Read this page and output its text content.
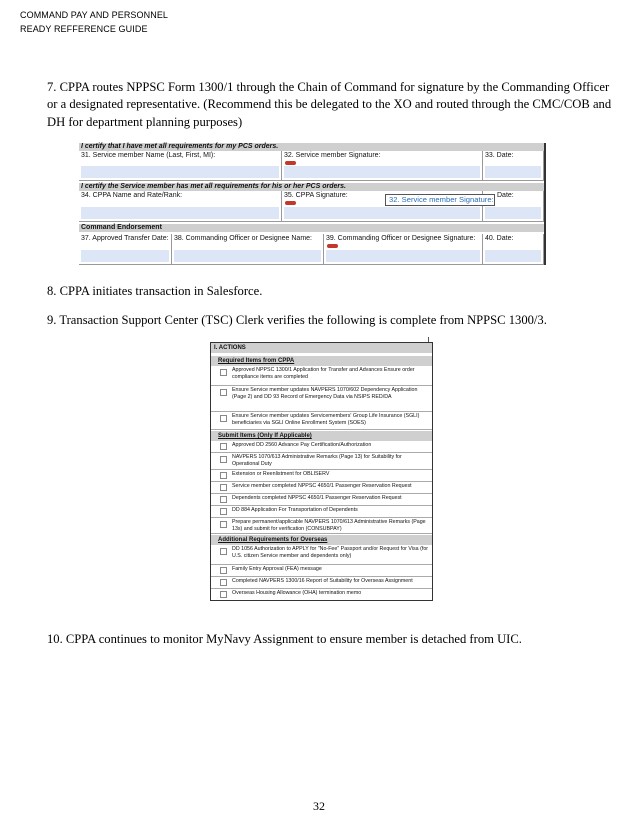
COMMAND PAY AND PERSONNEL
READY REFFERENCE GUIDE
7. CPPA routes NPPSC Form 1300/1 through the Chain of Command for signature by the Commanding Officer or a designated representative. (Recommend this be delegated to the XO and routed through the CMC/COB and DH for department planning purposes)
I certify that I have met all requirements for my PCS orders.
31. Service member Name (Last, First, MI):	32. Service member Signature:	33. Date:
I certify the Service member has met all requirements for his or her PCS orders.
34. CPPA Name and Rate/Rank:	35. CPPA Signature:	Date:
32. Service member Signature:
Command Endorsement
37. Approved Transfer Date: 38. Commanding Officer or Designee Name: 39. Commanding Officer or Designee Signature: 40. Date:
8. CPPA initiates transaction in Salesforce.
9. Transaction Support Center (TSC) Clerk verifies the following is complete from NPPSC 1300/3.
I. ACTIONS
Required Items from CPPA
Approved NPPSC 1300/1 Application for Transfer and Advances Ensure order compliance items are completed
Ensure Service member updates NAVPERS 1070/602 Dependency Application (Page 2) and DD 93 Record of Emergency Data via NSIPS RED/DA
Ensure Service member updates Servicemembers' Group Life Insurance (SGLI) beneficiaries via SGLI Online Enrollment System (SOES)
Submit Items (Only If Applicable)
Approved DD 2560 Advance Pay Certification/Authorization
NAVPERS 1070/613 Administrative Remarks (Page 13) for Suitability for Operational Duty
Extension or Reenlistment for OBLISERV
Service member completed NPPSC 4650/1 Passenger Reservation Request
Dependents completed NPPSC 4650/1 Passenger Reservation Request
DD 884 Application For Transportation of Dependents
Prepare permanent/applicable NAVPERS 1070/613 Administrative Remarks (Page 13s) and submit for verification (CONSUBPAY)
Additional Requirements for Overseas
DD 1056 Authorization to APPLY for "No-Fee" Passport and/or Request for Visa (for U.S. citizen Service member and dependents only)
Family Entry Approval (FEA) message
Completed NAVPERS 1300/16 Report of Suitability for Overseas Assignment
Overseas Housing Allowance (OHA) termination memo
10. CPPA continues to monitor MyNavy Assignment to ensure member is detached from UIC.
32
